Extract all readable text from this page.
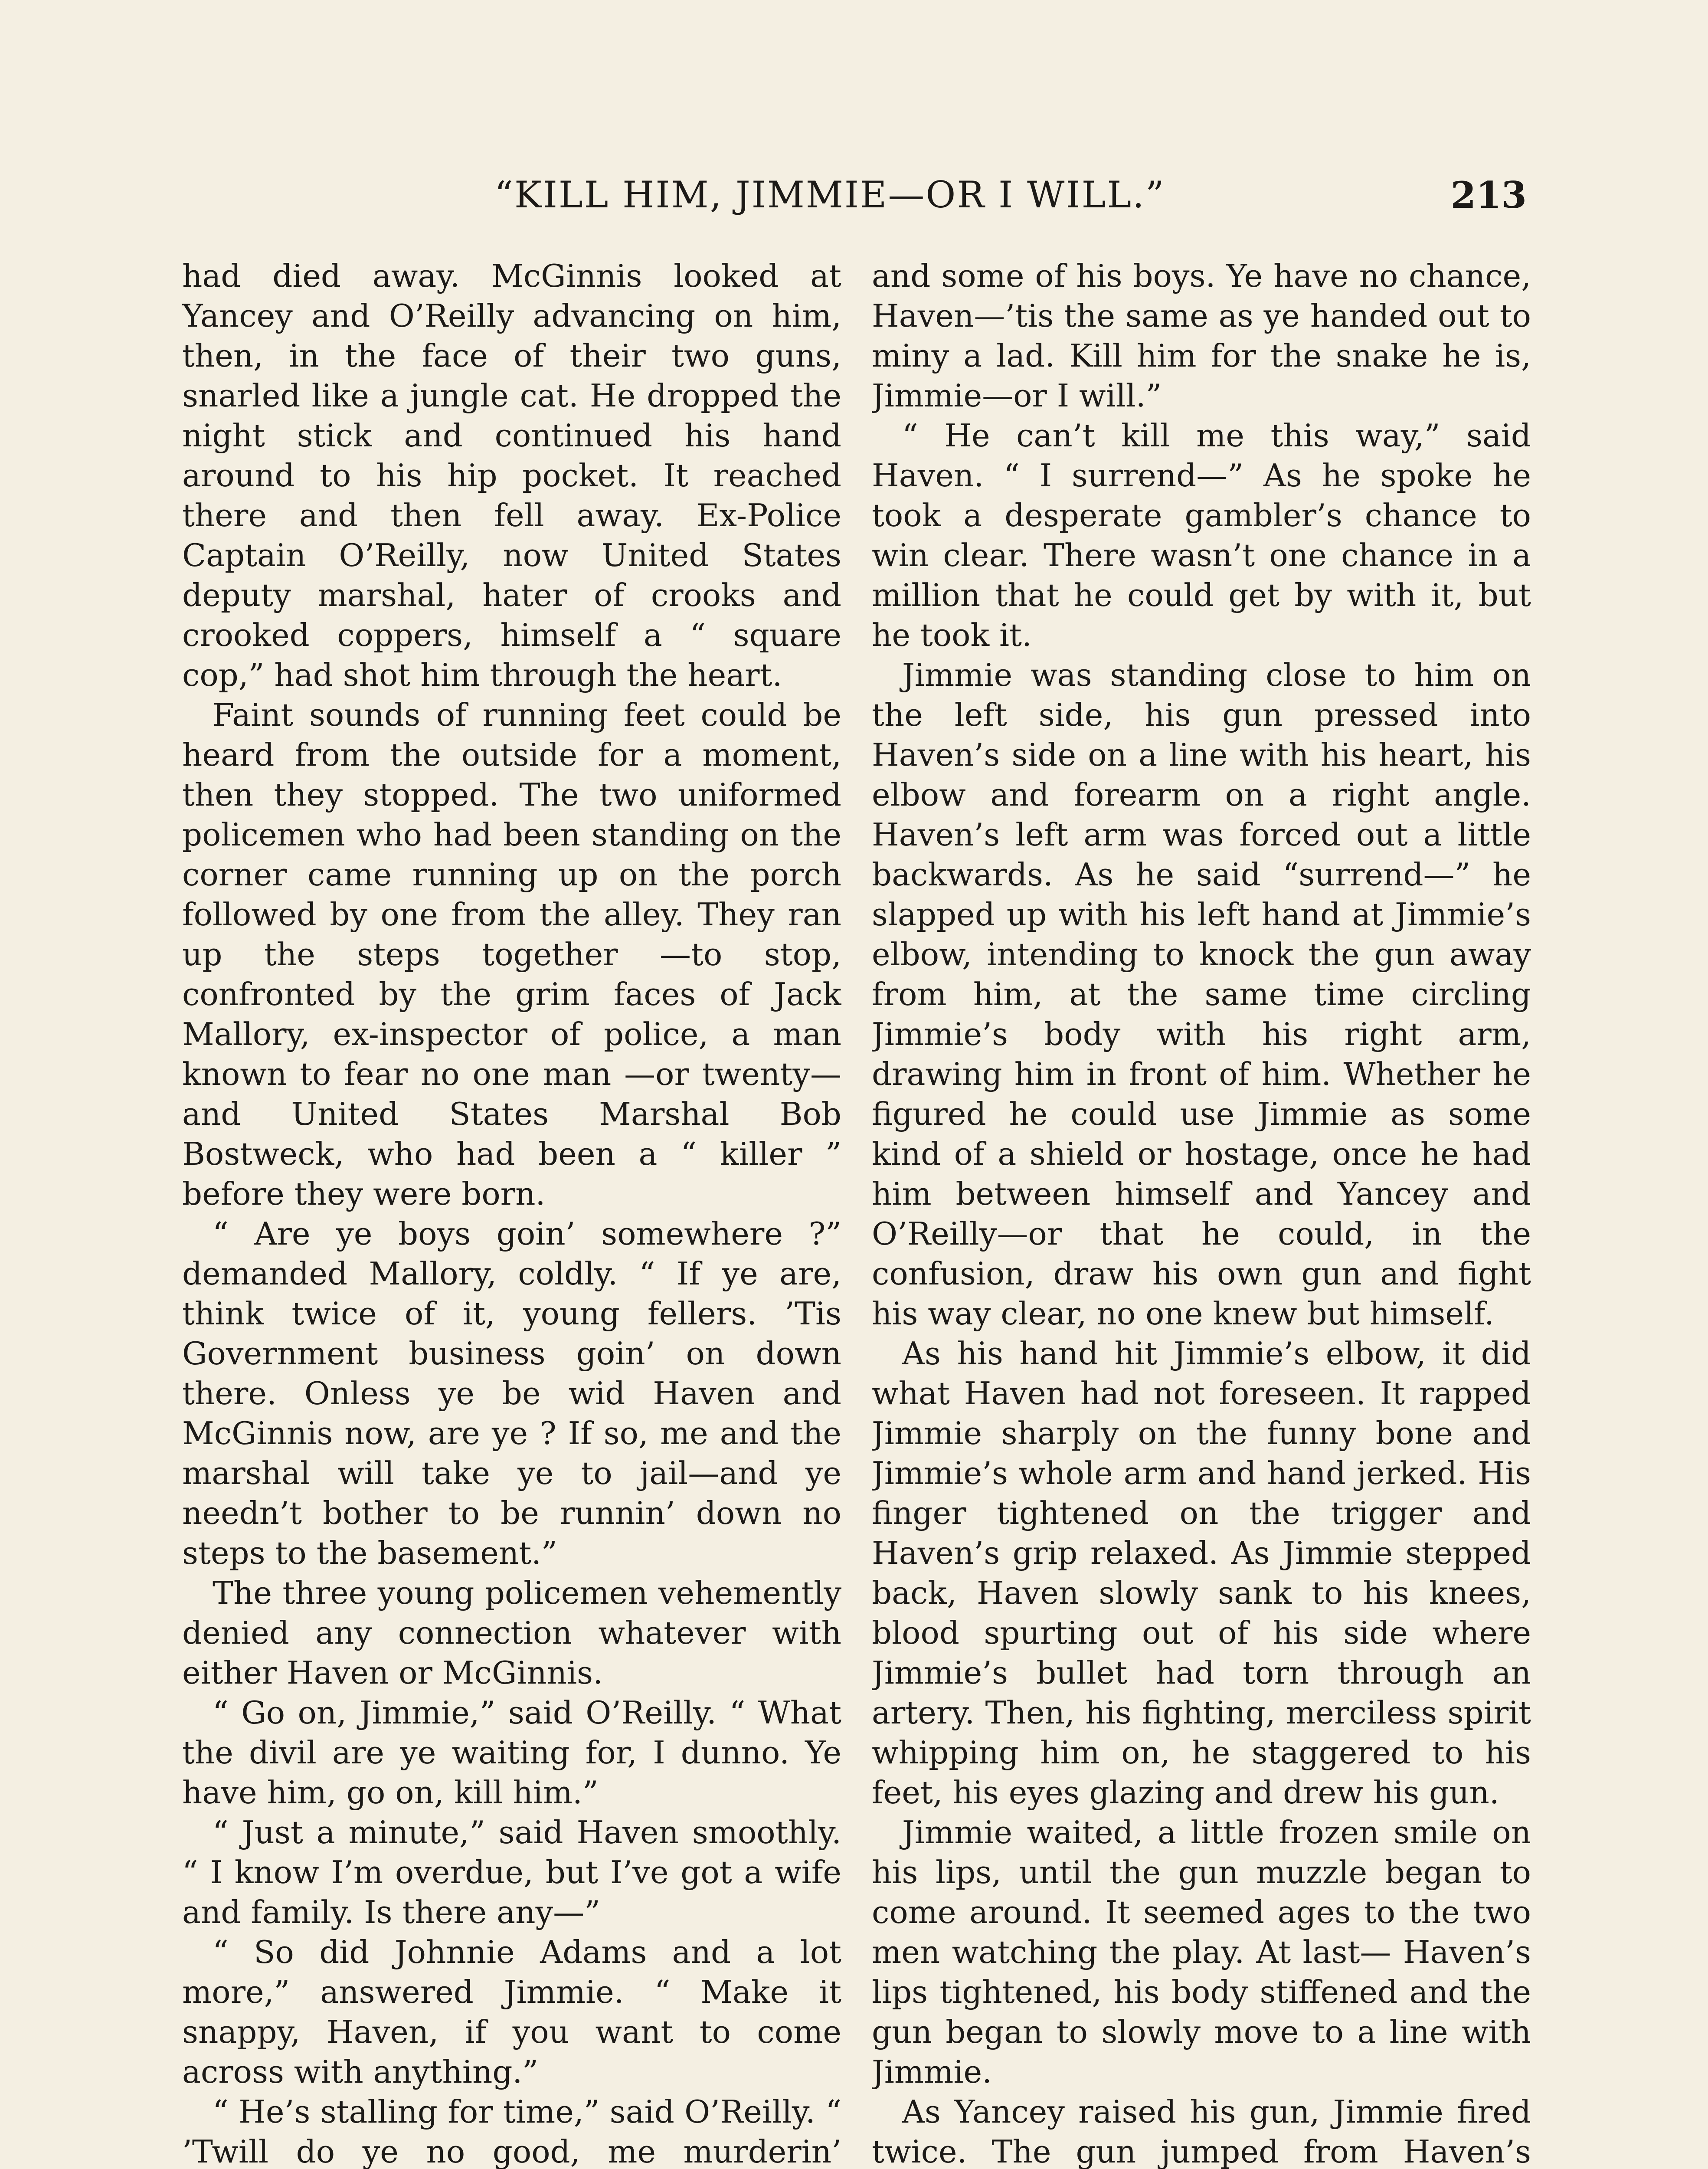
“KILL HIM, JIMMIE—OR I WILL.”	213

had died away. McGinnis looked at Yancey and O’Reilly advancing on him, then, in the face of their two guns, snarled like a jungle cat. He dropped the night stick and continued his hand around to his hip pocket. It reached there and then fell away. Ex-Police Captain O’Reilly, now United States deputy marshal, hater of crooks and crooked coppers, himself a “ square cop,” had shot him through the heart.

Faint sounds of running feet could be heard from the outside for a moment, then they stopped. The two uniformed policemen who had been standing on the corner came running up on the porch followed by one from the alley. They ran up the steps together —to stop, confronted by the grim faces of Jack Mallory, ex-inspector of police, a man known to fear no one man —or twenty—and United States Marshal Bob Bostweck, who had been a “ killer ” before they were born.

“ Are ye boys goin’ somewhere ?” demanded Mallory, coldly. “ If ye are, think twice of it, young fellers. ’Tis Government business goin’ on down there. Onless ye be wid Haven and McGinnis now, are ye ? If so, me and the marshal will take ye to jail—and ye needn’t bother to be runnin’ down no steps to the basement.”

The three young policemen vehemently denied any connection whatever with either Haven or McGinnis.

“ Go on, Jimmie,” said O’Reilly. “ What the divil are ye waiting for, I dunno. Ye have him, go on, kill him.”

“ Just a minute,” said Haven smoothly. “ I know I’m overdue, but I’ve got a wife and family. Is there any—”

“ So did Johnnie Adams and a lot more,” answered Jimmie. “ Make it snappy, Haven, if you want to come across with anything.”

“ He’s stalling for time,” said O’Reilly. “ ’Twill do ye no good, me murderin’

and some of his boys. Ye have no chance, Haven—’tis the same as ye handed out to miny a lad. Kill him for the snake he is, Jimmie—or I will.”

“ He can’t kill me this way,” said Haven. “ I surrend—” As he spoke he took a desperate gambler’s chance to win clear. There wasn’t one chance in a million that he could get by with it, but he took it.

Jimmie was standing close to him on the left side, his gun pressed into Haven’s side on a line with his heart, his elbow and forearm on a right angle. Haven’s left arm was forced out a little backwards. As he said “surrend—” he slapped up with his left hand at Jimmie’s elbow, intending to knock the gun away from him, at the same time circling Jimmie’s body with his right arm, drawing him in front of him. Whether he figured he could use Jimmie as some kind of a shield or hostage, once he had him between himself and Yancey and O’Reilly—or that he could, in the confusion, draw his own gun and fight his way clear, no one knew but himself.

As his hand hit Jimmie’s elbow, it did what Haven had not foreseen. It rapped Jimmie sharply on the funny bone and Jimmie’s whole arm and hand jerked. His finger tightened on the trigger and Haven’s grip relaxed. As Jimmie stepped back, Haven slowly sank to his knees, blood spurting out of his side where Jimmie’s bullet had torn through an artery. Then, his fighting, merciless spirit whipping him on, he staggered to his feet, his eyes glazing and drew his gun.

Jimmie waited, a little frozen smile on his lips, until the gun muzzle began to come around. It seemed ages to the two men watching the play. At last— Haven’s lips tightened, his body stiffened and the gun began to slowly move to a line with Jimmie.

As Yancey raised his gun, Jimmie fired twice. The gun jumped from Haven’s
